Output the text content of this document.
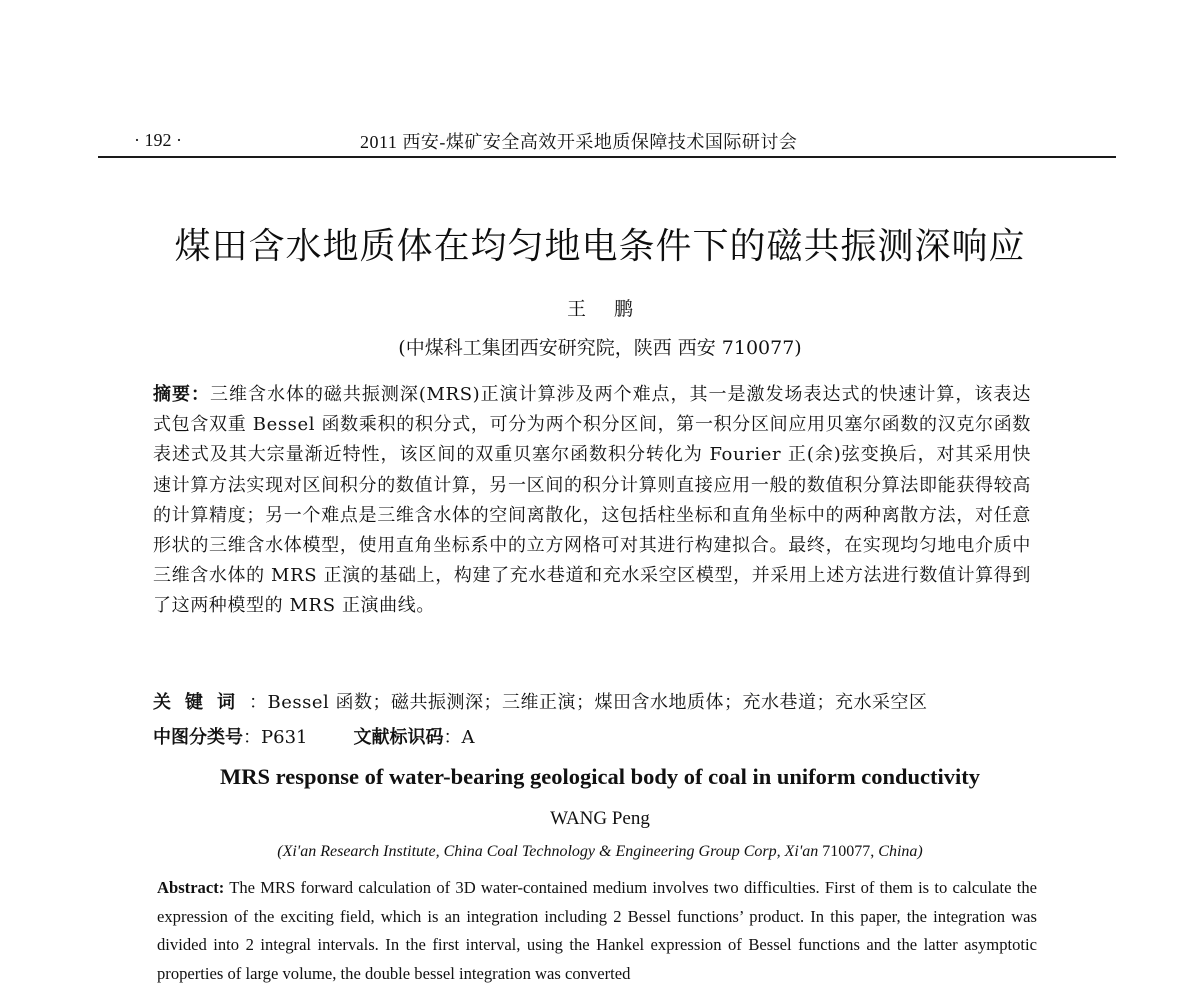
· 192 ·	2011 西安-煤矿安全高效开采地质保障技术国际研讨会
煤田含水地质体在均匀地电条件下的磁共振测深响应
王鹏
(中煤科工集团西安研究院，陕西 西安 710077)
摘要：三维含水体的磁共振测深(MRS)正演计算涉及两个难点，其一是激发场表达式的快速计算，该表达式包含双重 Bessel 函数乘积的积分式，可分为两个积分区间，第一积分区间应用贝塞尔函数的汉克尔函数表述式及其大宗量渐近特性，该区间的双重贝塞尔函数积分转化为 Fourier 正(余)弦变换后，对其采用快速计算方法实现对区间积分的数值计算，另一区间的积分计算则直接应用一般的数值积分算法即能获得较高的计算精度；另一个难点是三维含水体的空间离散化，这包括柱坐标和直角坐标中的两种离散方法，对任意形状的三维含水体模型，使用直角坐标系中的立方网格可对其进行构建拟合。最终，在实现均匀地电介质中三维含水体的 MRS 正演的基础上，构建了充水巷道和充水采空区模型，并采用上述方法进行数值计算得到了这两种模型的 MRS 正演曲线。
关键词：Bessel 函数；磁共振测深；三维正演；煤田含水地质体；充水巷道；充水采空区
中图分类号：P631	文献标识码：A
MRS response of water-bearing geological body of coal in uniform conductivity
WANG Peng
(Xi'an Research Institute, China Coal Technology & Engineering Group Corp, Xi'an 710077, China)
Abstract: The MRS forward calculation of 3D water-contained medium involves two difficulties. First of them is to calculate the expression of the exciting field, which is an integration including 2 Bessel functions’ product. In this paper, the integration was divided into 2 integral intervals. In the first interval, using the Hankel expression of Bessel functions and the latter asymptotic properties of large volume, the double bessel integration was converted
